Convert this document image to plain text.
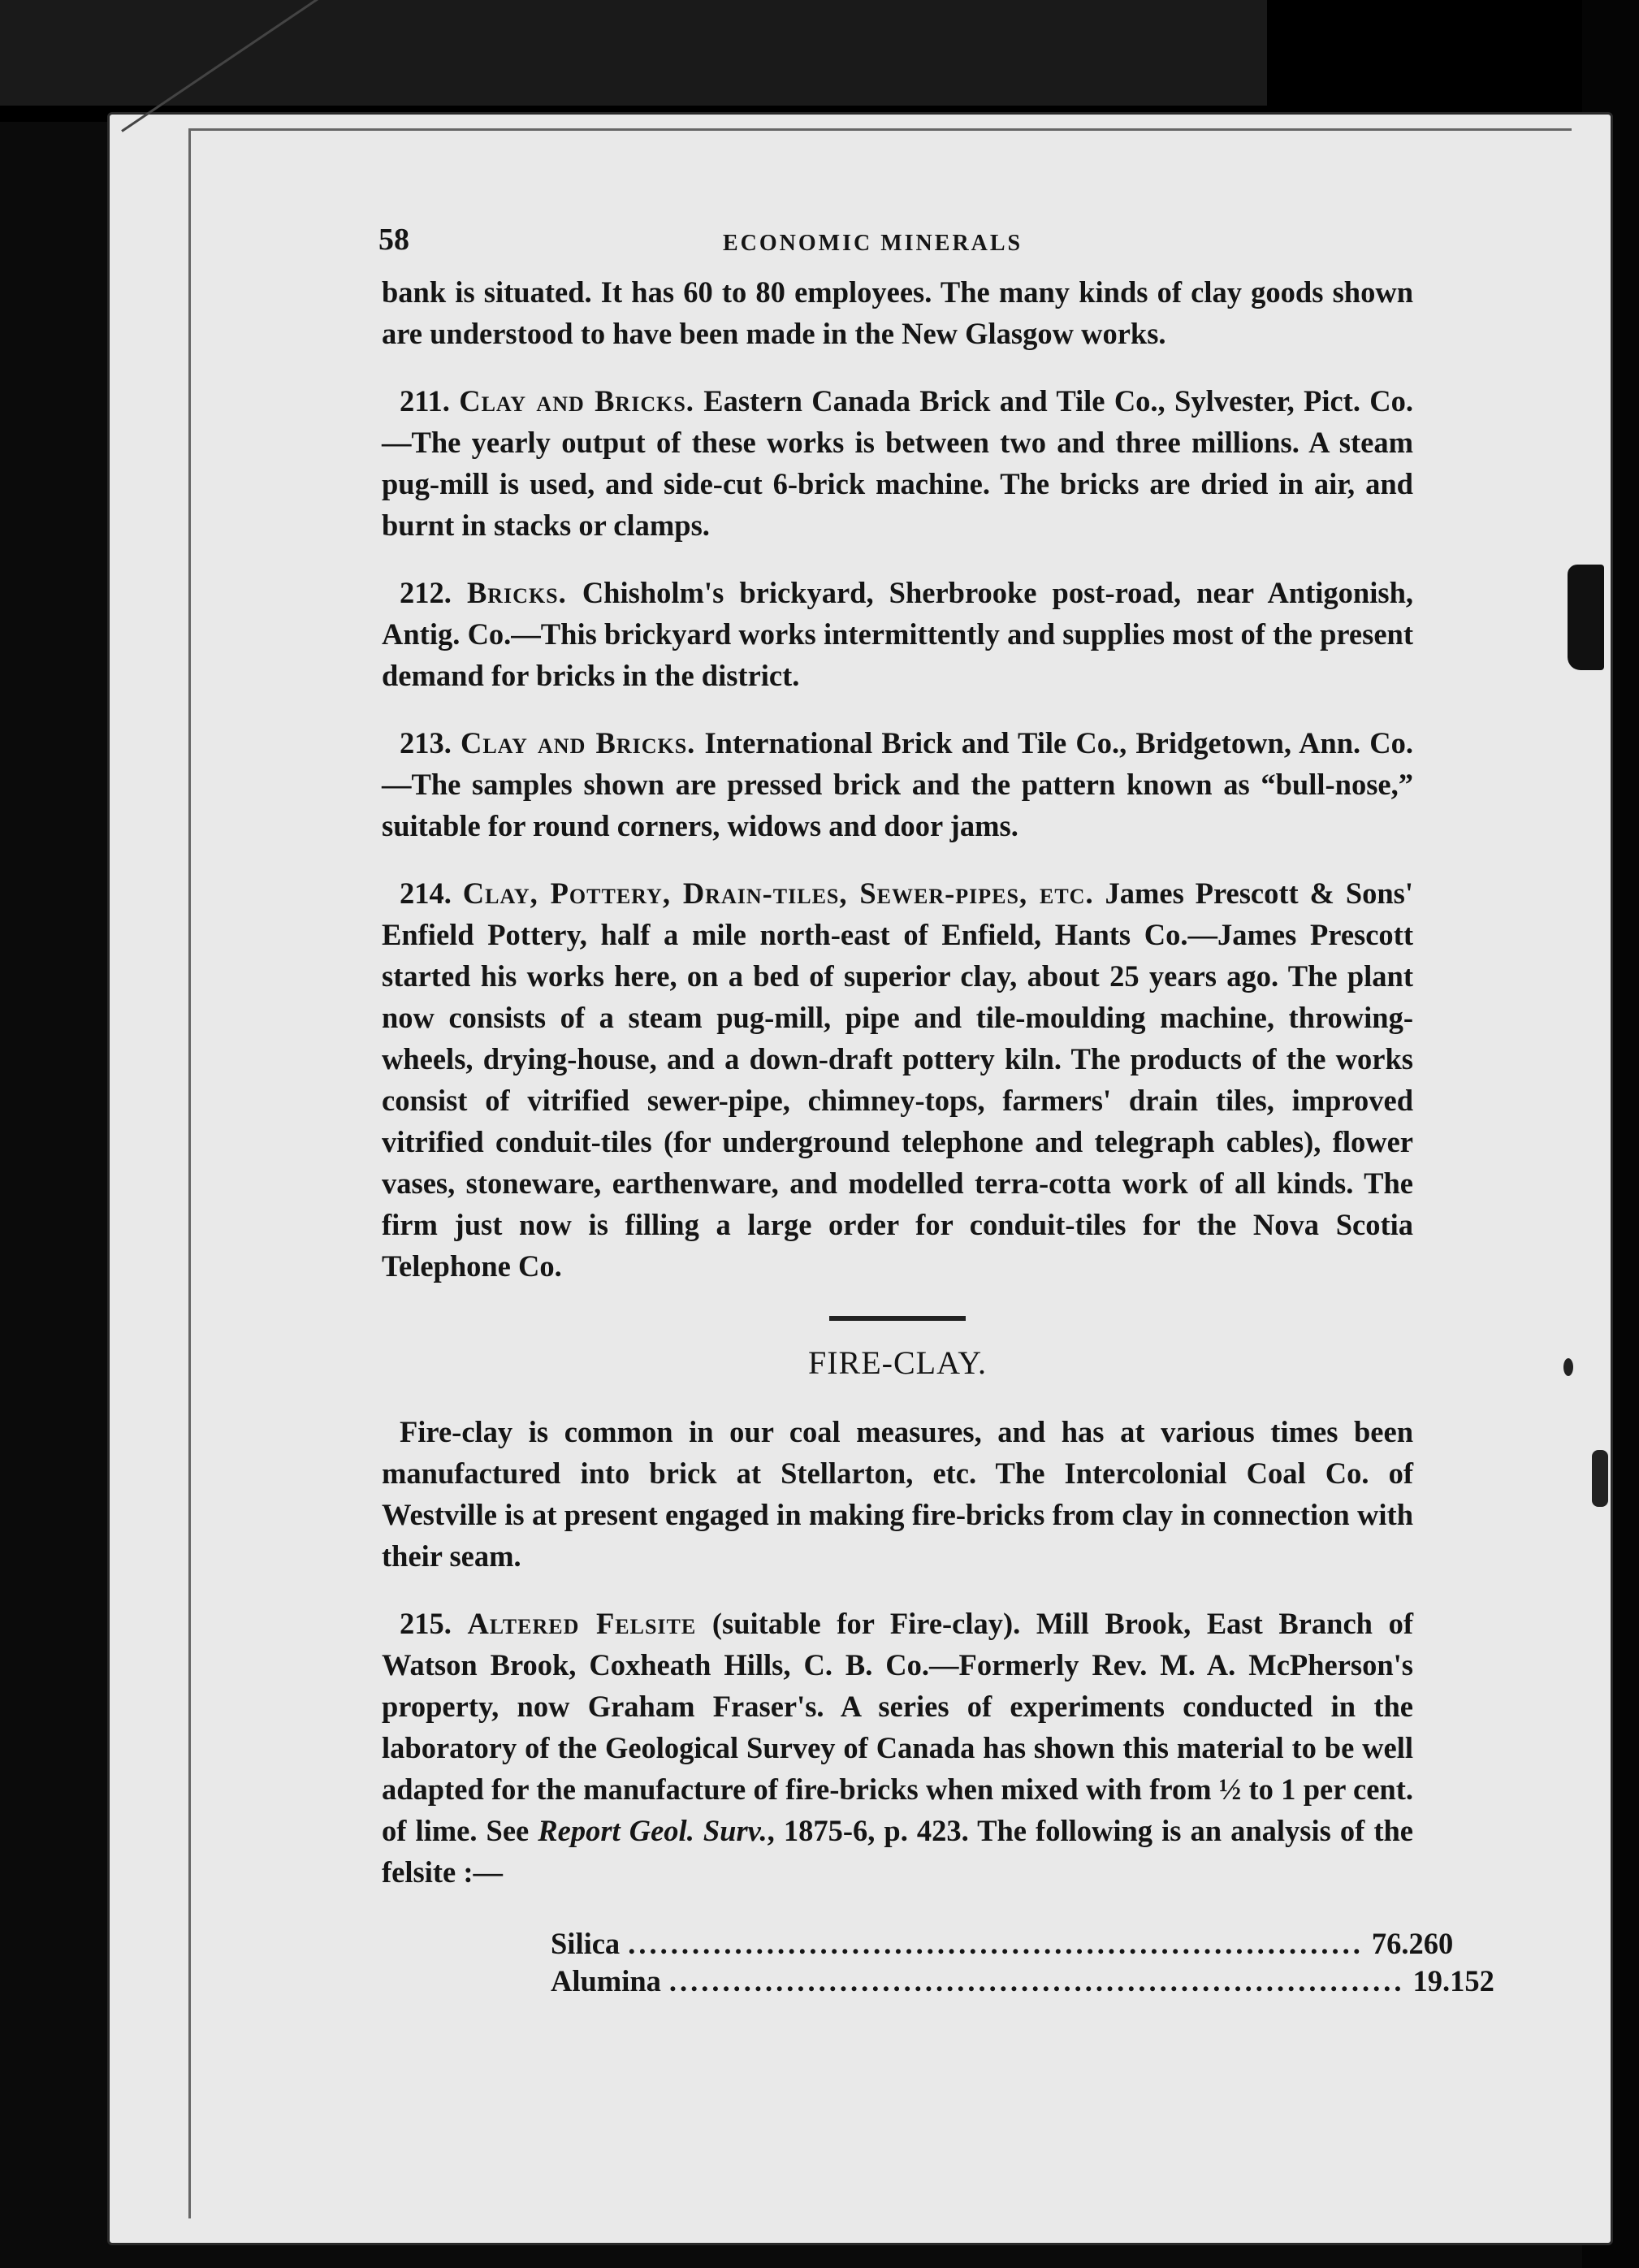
58	ECONOMIC MINERALS

bank is situated. It has 60 to 80 employees. The many kinds of clay goods shown are understood to have been made in the New Glasgow works.

211. Clay and Bricks. Eastern Canada Brick and Tile Co., Sylvester, Pict. Co.—The yearly output of these works is between two and three millions. A steam pug-mill is used, and side-cut 6-brick machine. The bricks are dried in air, and burnt in stacks or clamps.

212. Bricks. Chisholm's brickyard, Sherbrooke post-road, near Antigonish, Antig. Co.—This brickyard works intermittently and supplies most of the present demand for bricks in the district.

213. Clay and Bricks. International Brick and Tile Co., Bridgetown, Ann. Co.—The samples shown are pressed brick and the pattern known as “bull-nose,” suitable for round corners, widows and door jams.

214. Clay, Pottery, Drain-tiles, Sewer-pipes, etc. James Prescott & Sons' Enfield Pottery, half a mile north-east of Enfield, Hants Co.—James Prescott started his works here, on a bed of superior clay, about 25 years ago. The plant now consists of a steam pug-mill, pipe and tile-moulding machine, throwing-wheels, drying-house, and a down-draft pottery kiln. The products of the works consist of vitrified sewer-pipe, chimney-tops, farmers' drain tiles, improved vitrified conduit-tiles (for underground telephone and telegraph cables), flower vases, stoneware, earthenware, and modelled terra-cotta work of all kinds. The firm just now is filling a large order for conduit-tiles for the Nova Scotia Telephone Co.

FIRE-CLAY.

Fire-clay is common in our coal measures, and has at various times been manufactured into brick at Stellarton, etc. The Intercolonial Coal Co. of Westville is at present engaged in making fire-bricks from clay in connection with their seam.

215. Altered Felsite (suitable for Fire-clay). Mill Brook, East Branch of Watson Brook, Coxheath Hills, C. B. Co.—Formerly Rev. M. A. McPherson's property, now Graham Fraser's. A series of experiments conducted in the laboratory of the Geological Survey of Canada has shown this material to be well adapted for the manufacture of fire-bricks when mixed with from ½ to 1 per cent. of lime. See Report Geol. Surv., 1875-6, p. 423. The following is an analysis of the felsite :—

Silica ..................................................................... 76.260
Alumina ..................................................................... 19.152
